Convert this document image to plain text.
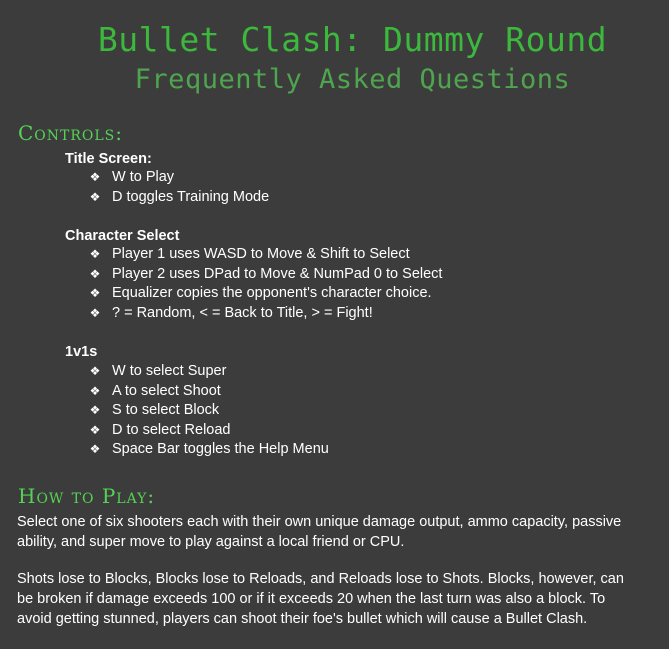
Bullet Clash: Dummy Round
Frequently Asked Questions
Controls:
Title Screen:
❖ W to Play
❖ D toggles Training Mode
Character Select
❖ Player 1 uses WASD to Move & Shift to Select
❖ Player 2 uses DPad to Move & NumPad 0 to Select
❖ Equalizer copies the opponent's character choice.
❖ ? = Random, < = Back to Title, > = Fight!
1v1s
❖ W to select Super
❖ A to select Shoot
❖ S to select Block
❖ D to select Reload
❖ Space Bar toggles the Help Menu
How to Play:

Select one of six shooters each with their own unique damage output, ammo capacity, passive ability, and super move to play against a local friend or CPU.

Shots lose to Blocks, Blocks lose to Reloads, and Reloads lose to Shots. Blocks, however, can be broken if damage exceeds 100 or if it exceeds 20 when the last turn was also a block. To avoid getting stunned, players can shoot their foe's bullet which will cause a Bullet Clash.
